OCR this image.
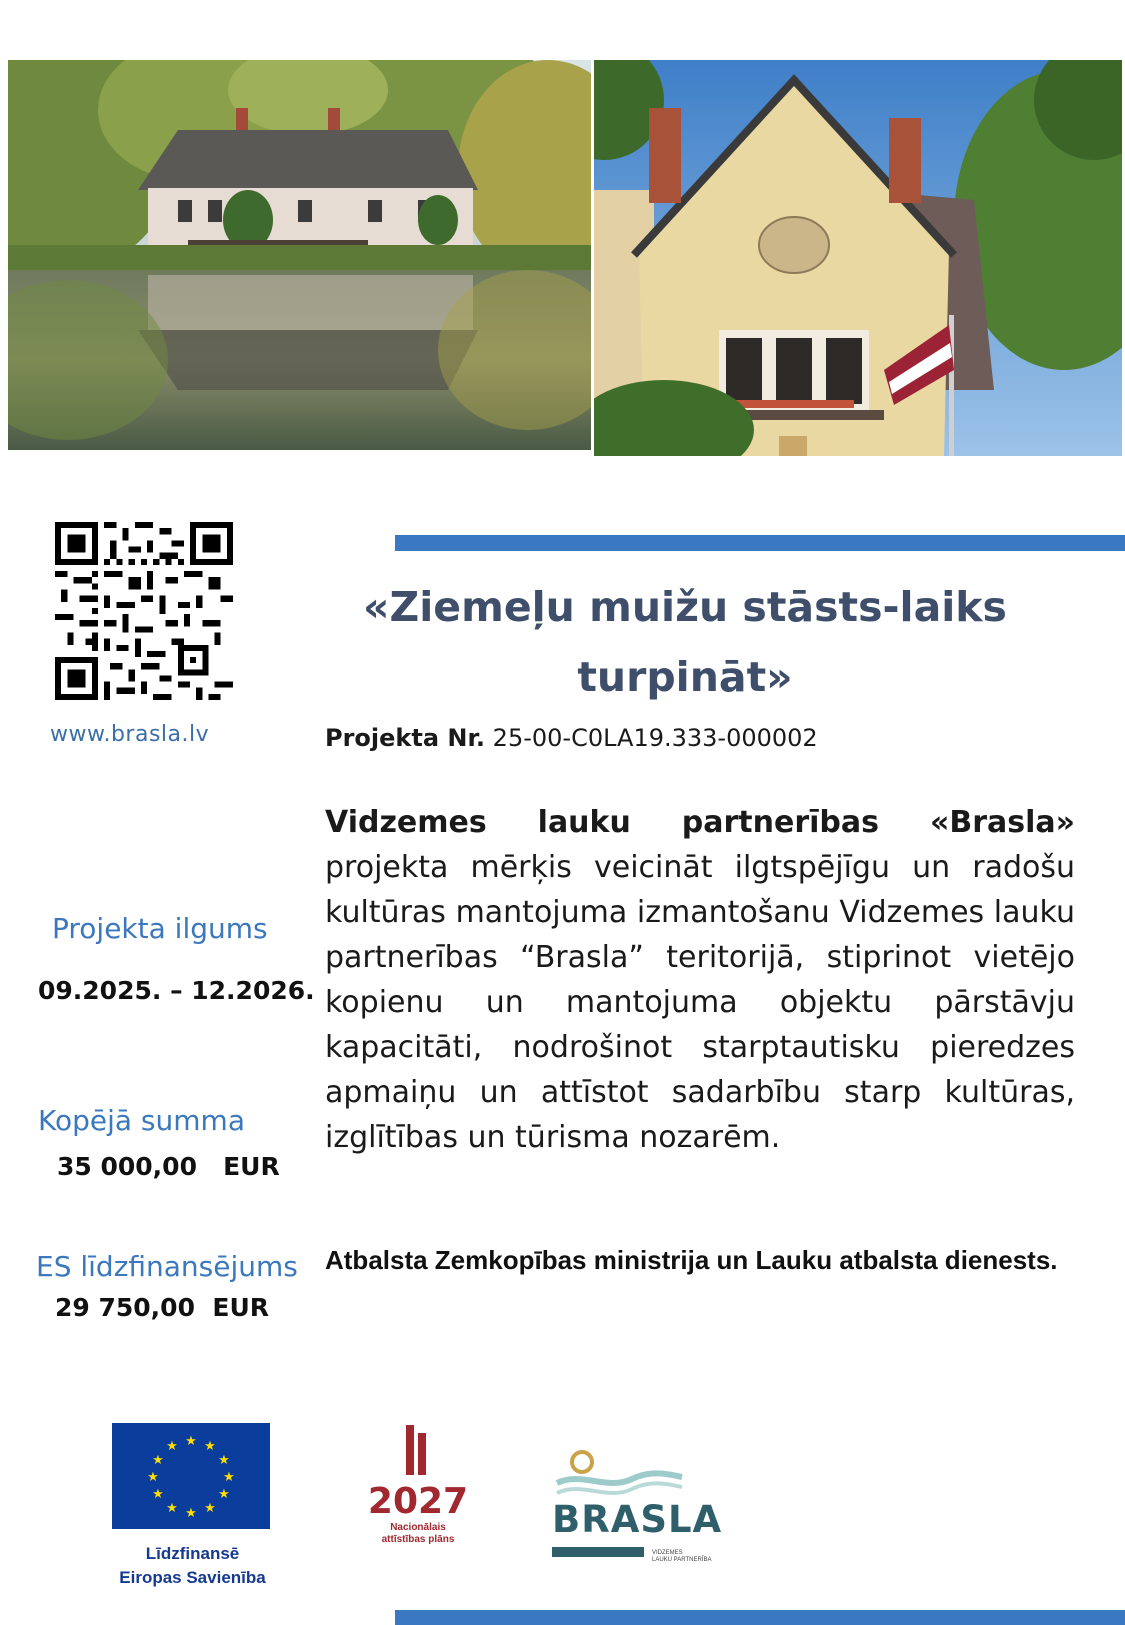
www.brasla.lv
«Ziemeļu muižu stāsts-laiks turpināt»
Projekta Nr. 25-00-C0LA19.333-000002
Vidzemes lauku partnerības «Brasla» projekta mērķis veicināt ilgtspējīgu un radošu kultūras mantojuma izmantošanu Vidzemes lauku partnerības “Brasla” teritorijā, stiprinot vietējo kopienu un mantojuma objektu pārstāvju kapacitāti, nodrošinot starptautisku pieredzes apmaiņu un attīstot sadarbību starp kultūras, izglītības un tūrisma nozarēm.
Atbalsta Zemkopības ministrija un Lauku atbalsta dienests.
Projekta ilgums
09.2025. – 12.2026.
Kopējā summa
35 000,00   EUR
ES līdzfinansējums
29 750,00  EUR
★ ★
★
★
★
★
★
★
★
★
★
★
Līdzfinansē
Eiropas Savienība
2027
Nacionālais
attīstības plāns	BRASLA
VIDZEMES
LAUKU PARTNERĪBA
